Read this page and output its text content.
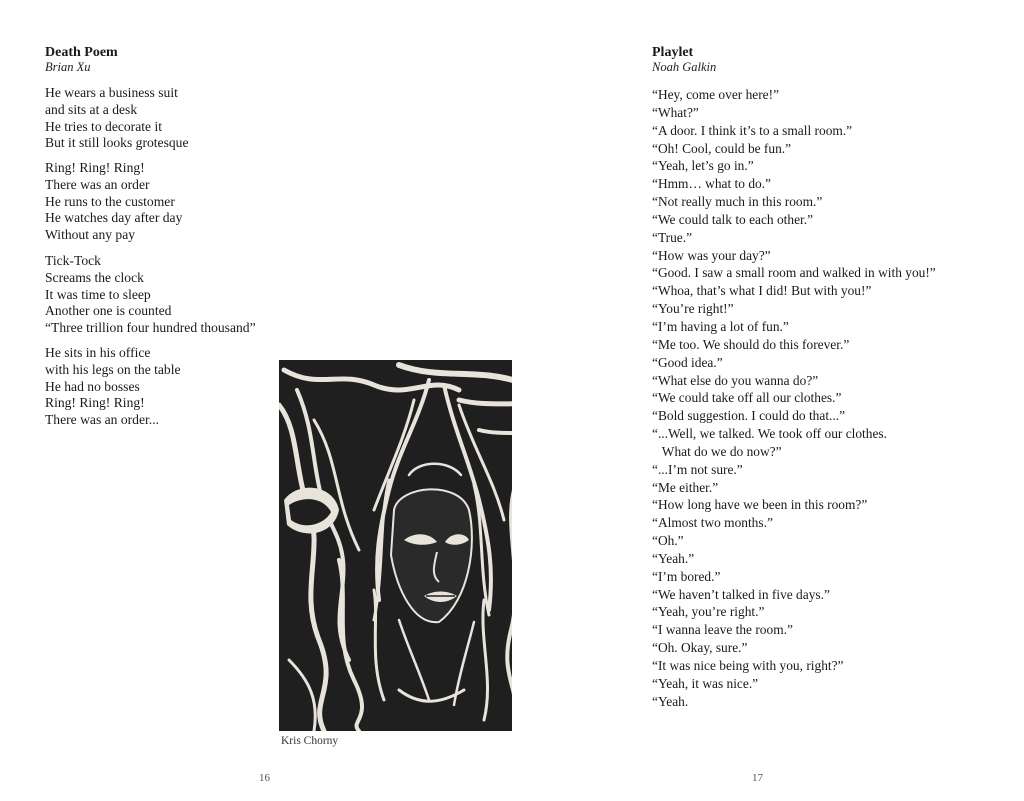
Death Poem

Brian Xu

He wears a business suit
and sits at a desk
He tries to decorate it
But it still looks grotesque
Ring! Ring! Ring!
There was an order
He runs to the customer
He watches day after day
Without any pay
Tick-Tock
Screams the clock
It was time to sleep
Another one is counted
“Three trillion four hundred thousand”
He sits in his office
with his legs on the table
He had no bosses
Ring! Ring! Ring!
There was an order...
Kris Chorny
16

Playlet

Noah Galkin

“Hey, come over here!”
“What?”
“A door. I think it’s to a small room.”
“Oh! Cool, could be fun.”
“Yeah, let’s go in.”
“Hmm… what to do.”
“Not really much in this room.”
“We could talk to each other.”
“True.”
“How was your day?”
“Good. I saw a small room and walked in with you!”
“Whoa, that’s what I did! But with you!”
“You’re right!”
“I’m having a lot of fun.”
“Me too. We should do this forever.”
“Good idea.”
“What else do you wanna do?”
“We could take off all our clothes.”
“Bold suggestion. I could do that...”
“...Well, we talked. We took off our clothes.
What do we do now?”
“...I’m not sure.”
“Me either.”
“How long have we been in this room?”
“Almost two months.”
“Oh.”
“Yeah.”
“I’m bored.”
“We haven’t talked in five days.”
“Yeah, you’re right.”
“I wanna leave the room.”
“Oh. Okay, sure.”
“It was nice being with you, right?”
“Yeah, it was nice.”
“Yeah.
17
